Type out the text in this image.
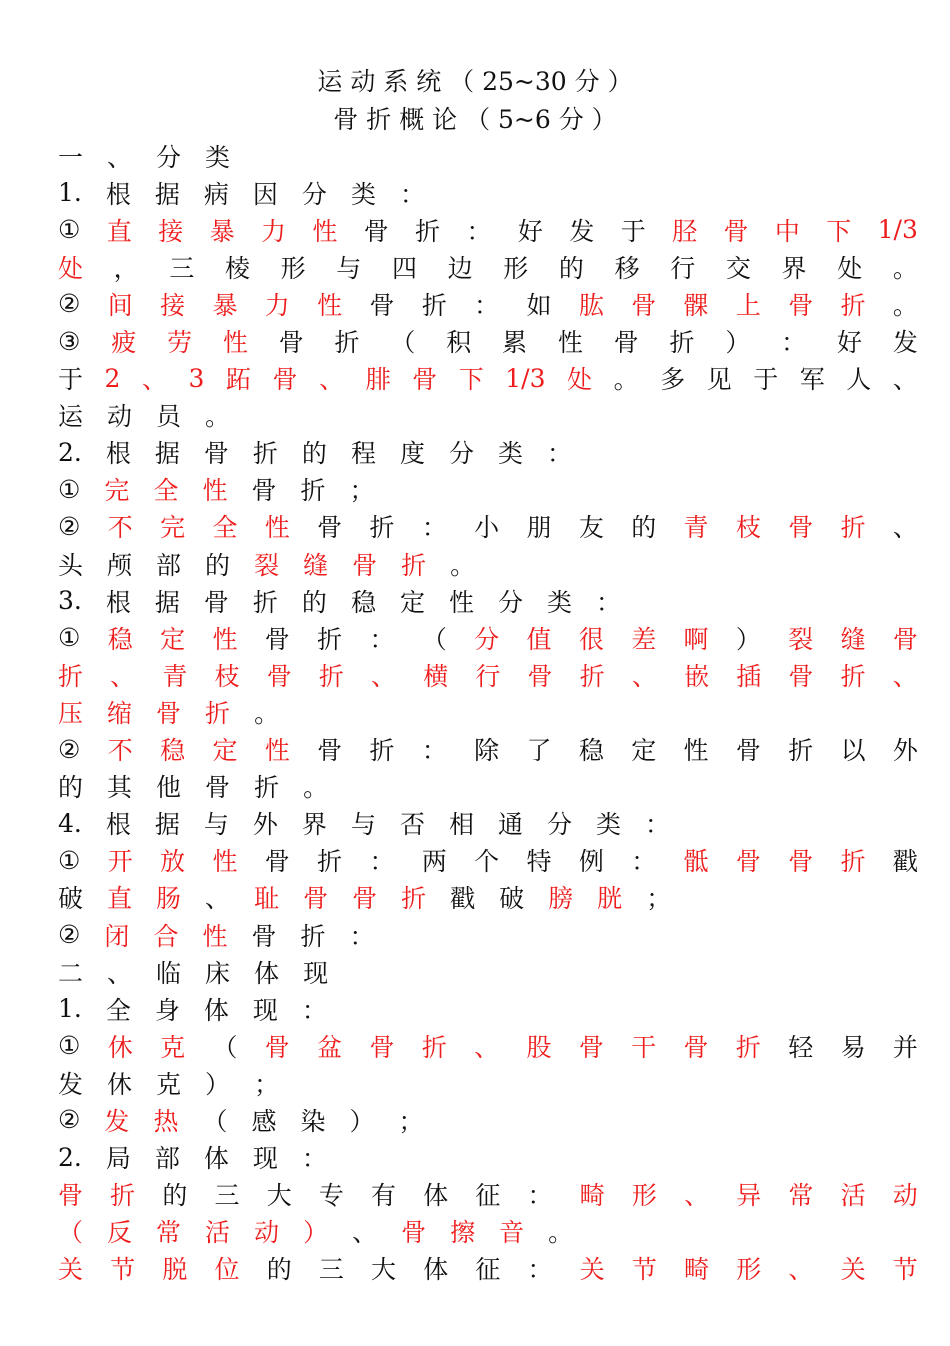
运 动 系 统 （ 25~30 分 ）
骨 折 概 论 （ 5~6 分 ）
一 、 分 类
1. 根 据 病 因 分 类 ：
① 直 接 暴 力 性 骨 折 ： 好 发 于 胫 骨 中 下 1/3
处 ， 三 棱 形 与 四 边 形 的 移 行 交 界 处 。
② 间 接 暴 力 性 骨 折 ： 如 肱 骨 髁 上 骨 折 。
③ 疲 劳 性 骨 折 （ 积 累 性 骨 折 ） ： 好 发
于 2 、 3 跖 骨 、 腓 骨 下 1/3 处 。 多 见 于 军 人 、
运 动 员 。
2. 根 据 骨 折 的 程 度 分 类 ：
① 完 全 性 骨 折 ；
② 不 完 全 性 骨 折 ： 小 朋 友 的 青 枝 骨 折 、
头 颅 部 的 裂 缝 骨 折 。
3. 根 据 骨 折 的 稳 定 性 分 类 ：
① 稳 定 性 骨 折 ： （ 分 值 很 差 啊 ） 裂 缝 骨
折 、 青 枝 骨 折 、 横 行 骨 折 、 嵌 插 骨 折 、
压 缩 骨 折 。
② 不 稳 定 性 骨 折 ： 除 了 稳 定 性 骨 折 以 外
的 其 他 骨 折 。
4. 根 据 与 外 界 与 否 相 通 分 类 ：
① 开 放 性 骨 折 ： 两 个 特 例 ： 骶 骨 骨 折 戳
破 直 肠 、 耻 骨 骨 折 戳 破 膀 胱 ；
② 闭 合 性 骨 折 ：
二 、 临 床 体 现
1. 全 身 体 现 ：
① 休 克 （ 骨 盆 骨 折 、 股 骨 干 骨 折 轻 易 并
发 休 克 ） ；
② 发 热 （ 感 染 ） ；
2. 局 部 体 现 ：
骨 折 的 三 大 专 有 体 征 ： 畸 形 、 异 常 活 动
（ 反 常 活 动 ） 、 骨 擦 音 。
关 节 脱 位 的 三 大 体 征 ： 关 节 畸 形 、 关 节
